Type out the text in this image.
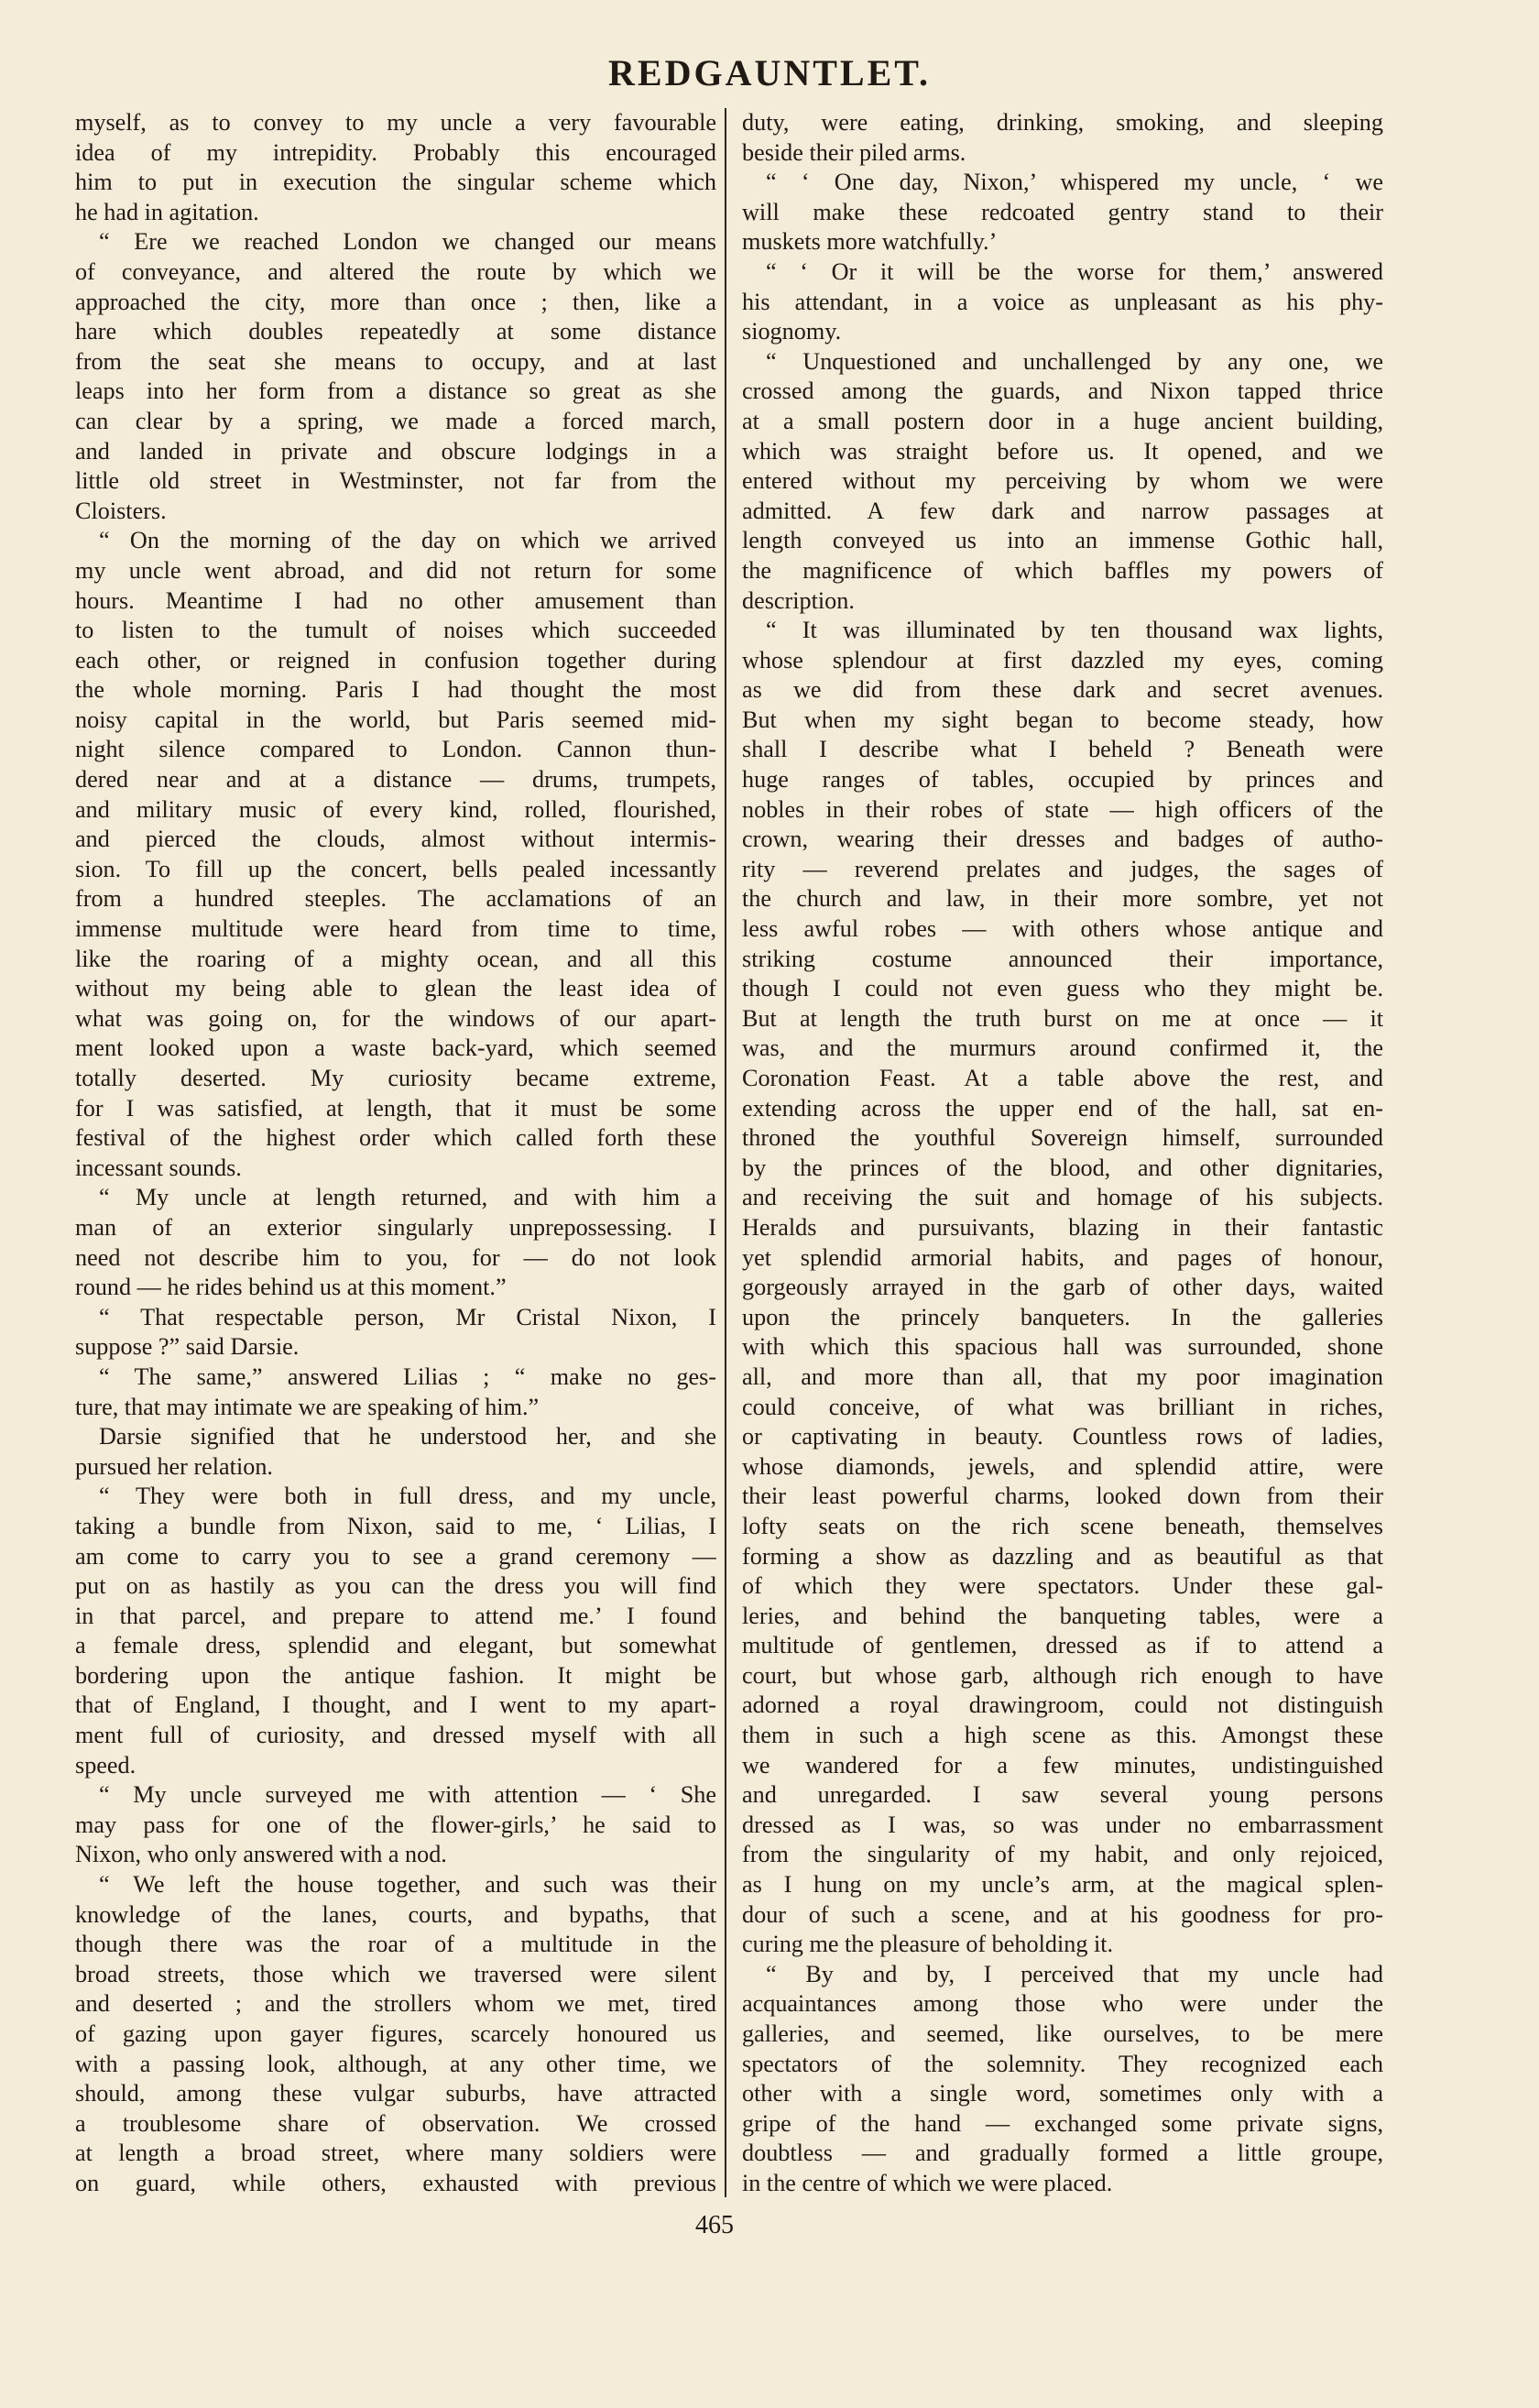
REDGAUNTLET.
myself, as to convey to my uncle a very favourable
idea of my intrepidity. Probably this encouraged
him to put in execution the singular scheme which
he had in agitation.
“ Ere we reached London we changed our means
of conveyance, and altered the route by which we
approached the city, more than once ; then, like a
hare which doubles repeatedly at some distance
from the seat she means to occupy, and at last
leaps into her form from a distance so great as she
can clear by a spring, we made a forced march,
and landed in private and obscure lodgings in a
little old street in Westminster, not far from the
Cloisters.
“ On the morning of the day on which we arrived
my uncle went abroad, and did not return for some
hours. Meantime I had no other amusement than
to listen to the tumult of noises which succeeded
each other, or reigned in confusion together during
the whole morning. Paris I had thought the most
noisy capital in the world, but Paris seemed mid-
night silence compared to London. Cannon thun-
dered near and at a distance — drums, trumpets,
and military music of every kind, rolled, flourished,
and pierced the clouds, almost without intermis-
sion. To fill up the concert, bells pealed incessantly
from a hundred steeples. The acclamations of an
immense multitude were heard from time to time,
like the roaring of a mighty ocean, and all this
without my being able to glean the least idea of
what was going on, for the windows of our apart-
ment looked upon a waste back-yard, which seemed
totally deserted. My curiosity became extreme,
for I was satisfied, at length, that it must be some
festival of the highest order which called forth these
incessant sounds.
“ My uncle at length returned, and with him a
man of an exterior singularly unprepossessing. I
need not describe him to you, for — do not look
round — he rides behind us at this moment.”
“ That respectable person, Mr Cristal Nixon, I
suppose ?” said Darsie.
“ The same,” answered Lilias ; “ make no ges-
ture, that may intimate we are speaking of him.”
Darsie signified that he understood her, and she
pursued her relation.
“ They were both in full dress, and my uncle,
taking a bundle from Nixon, said to me, ‘ Lilias, I
am come to carry you to see a grand ceremony —
put on as hastily as you can the dress you will find
in that parcel, and prepare to attend me.’ I found
a female dress, splendid and elegant, but somewhat
bordering upon the antique fashion. It might be
that of England, I thought, and I went to my apart-
ment full of curiosity, and dressed myself with all
speed.
“ My uncle surveyed me with attention — ‘ She
may pass for one of the flower-girls,’ he said to
Nixon, who only answered with a nod.
“ We left the house together, and such was their
knowledge of the lanes, courts, and bypaths, that
though there was the roar of a multitude in the
broad streets, those which we traversed were silent
and deserted ; and the strollers whom we met, tired
of gazing upon gayer figures, scarcely honoured us
with a passing look, although, at any other time, we
should, among these vulgar suburbs, have attracted
a troublesome share of observation. We crossed
at length a broad street, where many soldiers were
on guard, while others, exhausted with previous
duty, were eating, drinking, smoking, and sleeping
beside their piled arms.
“ ‘ One day, Nixon,’ whispered my uncle, ‘ we
will make these redcoated gentry stand to their
muskets more watchfully.’
“ ‘ Or it will be the worse for them,’ answered
his attendant, in a voice as unpleasant as his phy-
siognomy.
“ Unquestioned and unchallenged by any one, we
crossed among the guards, and Nixon tapped thrice
at a small postern door in a huge ancient building,
which was straight before us. It opened, and we
entered without my perceiving by whom we were
admitted. A few dark and narrow passages at
length conveyed us into an immense Gothic hall,
the magnificence of which baffles my powers of
description.
“ It was illuminated by ten thousand wax lights,
whose splendour at first dazzled my eyes, coming
as we did from these dark and secret avenues.
But when my sight began to become steady, how
shall I describe what I beheld ? Beneath were
huge ranges of tables, occupied by princes and
nobles in their robes of state — high officers of the
crown, wearing their dresses and badges of autho-
rity — reverend prelates and judges, the sages of
the church and law, in their more sombre, yet not
less awful robes — with others whose antique and
striking costume announced their importance,
though I could not even guess who they might be.
But at length the truth burst on me at once — it
was, and the murmurs around confirmed it, the
Coronation Feast. At a table above the rest, and
extending across the upper end of the hall, sat en-
throned the youthful Sovereign himself, surrounded
by the princes of the blood, and other dignitaries,
and receiving the suit and homage of his subjects.
Heralds and pursuivants, blazing in their fantastic
yet splendid armorial habits, and pages of honour,
gorgeously arrayed in the garb of other days, waited
upon the princely banqueters. In the galleries
with which this spacious hall was surrounded, shone
all, and more than all, that my poor imagination
could conceive, of what was brilliant in riches,
or captivating in beauty. Countless rows of ladies,
whose diamonds, jewels, and splendid attire, were
their least powerful charms, looked down from their
lofty seats on the rich scene beneath, themselves
forming a show as dazzling and as beautiful as that
of which they were spectators. Under these gal-
leries, and behind the banqueting tables, were a
multitude of gentlemen, dressed as if to attend a
court, but whose garb, although rich enough to have
adorned a royal drawingroom, could not distinguish
them in such a high scene as this. Amongst these
we wandered for a few minutes, undistinguished
and unregarded. I saw several young persons
dressed as I was, so was under no embarrassment
from the singularity of my habit, and only rejoiced,
as I hung on my uncle’s arm, at the magical splen-
dour of such a scene, and at his goodness for pro-
curing me the pleasure of beholding it.
“ By and by, I perceived that my uncle had
acquaintances among those who were under the
galleries, and seemed, like ourselves, to be mere
spectators of the solemnity. They recognized each
other with a single word, sometimes only with a
gripe of the hand — exchanged some private signs,
doubtless — and gradually formed a little groupe,
in the centre of which we were placed.
465
